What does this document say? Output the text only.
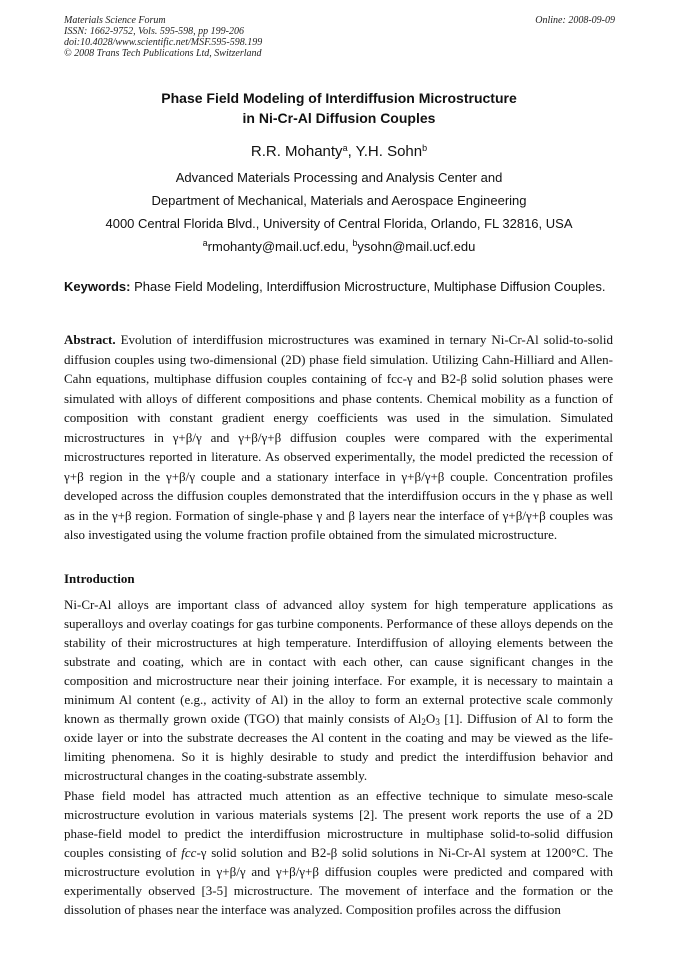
Materials Science Forum
ISSN: 1662-9752, Vols. 595-598, pp 199-206
doi:10.4028/www.scientific.net/MSF.595-598.199
© 2008 Trans Tech Publications Ltd, Switzerland
Online: 2008-09-09
Phase Field Modeling of Interdiffusion Microstructure
in Ni-Cr-Al Diffusion Couples
R.R. Mohanty$^a$, Y.H. Sohn$^b$
Advanced Materials Processing and Analysis Center and
Department of Mechanical, Materials and Aerospace Engineering
4000 Central Florida Blvd., University of Central Florida, Orlando, FL 32816, USA
$^a$rmohanty@mail.ucf.edu, $^b$ysohn@mail.ucf.edu
Keywords: Phase Field Modeling, Interdiffusion Microstructure, Multiphase Diffusion Couples.
Abstract. Evolution of interdiffusion microstructures was examined in ternary Ni-Cr-Al solid-to-solid diffusion couples using two-dimensional (2D) phase field simulation. Utilizing Cahn-Hilliard and Allen-Cahn equations, multiphase diffusion couples containing of fcc-γ and B2-β solid solution phases were simulated with alloys of different compositions and phase contents. Chemical mobility as a function of composition with constant gradient energy coefficients was used in the simulation. Simulated microstructures in γ+β/γ and γ+β/γ+β diffusion couples were compared with the experimental microstructures reported in literature. As observed experimentally, the model predicted the recession of γ+β region in the γ+β/γ couple and a stationary interface in γ+β/γ+β couple. Concentration profiles developed across the diffusion couples demonstrated that the interdiffusion occurs in the γ phase as well as in the γ+β region. Formation of single-phase γ and β layers near the interface of γ+β/γ+β couples was also investigated using the volume fraction profile obtained from the simulated microstructure.
Introduction
Ni-Cr-Al alloys are important class of advanced alloy system for high temperature applications as superalloys and overlay coatings for gas turbine components. Performance of these alloys depends on the stability of their microstructures at high temperature. Interdiffusion of alloying elements between the substrate and coating, which are in contact with each other, can cause significant changes in the composition and microstructure near their joining interface. For example, it is necessary to maintain a minimum Al content (e.g., activity of Al) in the alloy to form an external protective scale commonly known as thermally grown oxide (TGO) that mainly consists of $Al_2O_3$ [1]. Diffusion of Al to form the oxide layer or into the substrate decreases the Al content in the coating and may be viewed as the life-limiting phenomena. So it is highly desirable to study and predict the interdiffusion behavior and microstructural changes in the coating-substrate assembly.
Phase field model has attracted much attention as an effective technique to simulate meso-scale microstructure evolution in various materials systems [2]. The present work reports the use of a 2D phase-field model to predict the interdiffusion microstructure in multiphase solid-to-solid diffusion couples consisting of fcc-γ solid solution and B2-β solid solutions in Ni-Cr-Al system at 1200°C. The microstructure evolution in γ+β/γ and γ+β/γ+β diffusion couples were predicted and compared with experimentally observed [3-5] microstructure. The movement of interface and the formation or the dissolution of phases near the interface was analyzed. Composition profiles across the diffusion
